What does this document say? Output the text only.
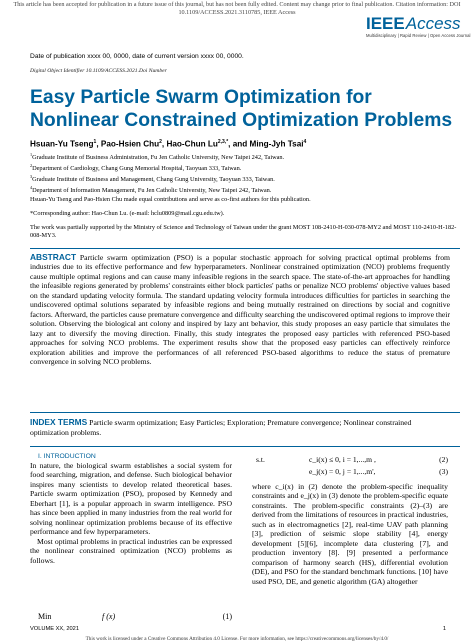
This article has been accepted for publication in a future issue of this journal, but has not been fully edited. Content may change prior to final publication. Citation information: DOI
10.1109/ACCESS.2021.3110785, IEEE Access
IEEEAccess
Multidisciplinary | Rapid Review | Open Access Journal
Date of publication xxxx 00, 0000, date of current version xxxx 00, 0000.
Digital Object Identifier 10.1109/ACCESS.2021.Doi Number
Easy Particle Swarm Optimization for Nonlinear Constrained Optimization Problems
Hsuan-Yu Tseng$^1$, Pao-Hsien Chu$^2$, Hao-Chun $Lu^{2,3,*}$, and Ming-Jyh Tsai$^4$
$^1$Graduate Institute of Business Administration, Fu Jen Catholic University, New Taipei 242, Taiwan.
$^2$Department of Cardiology, Chang Gung Memorial Hospital, Taoyuan 333, Taiwan.
$^3$Graduate Institute of Business and Management, Chang Gung University, Taoyuan 333, Taiwan.
$^4$Department of Information Management, Fu Jen Catholic University, New Taipei 242, Taiwan.

Hsuan-Yu Tseng and Pao-Hsien Chu made equal contributions and serve as co-first authors for this publication.

*Corresponding author: Hao-Chun Lu. (e-mail: hclu0809@mail.cgu.edu.tw).

The work was partially supported by the Ministry of Science and Technology of Taiwan under the grant MOST 108-2410-H-030-078-MY2 and MOST 110-2410-H-182-008-MY3.

ABSTRACT Particle swarm optimization (PSO) is a popular stochastic approach for solving practical optimal problems from industries due to its effective performance and few hyperparameters. Nonlinear constrained optimization (NCO) problems frequently cause multiple optimal regions and can cause many infeasible regions in the search space. The state-of-the-art approaches for handling the infeasible regions generated by problems' constraints either block particles' paths or penalize NCO problems' objective values based on the standard updating velocity formula. The standard updating velocity formula introduces difficulties for particles in searching the undiscovered optimal solutions separated by infeasible regions and being mutually restrained on directions by social and cognitive factors. Afterward, the particles cause premature convergence and difficulty searching the undiscovered optimal regions to improve their solution. Observing the biological ant colony and inspired by lazy ant behavior, this study proposes an easy particle that simulates the lazy ant to diversify the moving direction. Finally, this study integrates the proposed easy particles with referenced PSO-based approaches for solving NCO problems. The experiment results show that the proposed easy particles can effectively reinforce exploration abilities and improve the performances of all referenced PSO-based algorithms to reduce the status of premature convergence in solving NCO problems.

INDEX TERMS Particle swarm optimization; Easy Particles; Exploration; Premature convergence; Nonlinear constrained optimization problems.

I. INTRODUCTION

In nature, the biological swarm establishes a social system for food searching, migration, and defense. Such biological behavior inspires many scientists to develop related theoretical bases. Particle swarm optimization (PSO), proposed by Kennedy and Eberhart [1], is a popular approach in swarm intelligence. PSO has since been applied in many industries from the real world for solving nonlinear optimization problems because of its effective performance and few hyperparameters.

Most optimal problems in practical industries can be expressed the nonlinear constrained optimization (NCO) problems as follows.

Min	f (x)	(1)
s.t.	c_i(x) ≤ 0, i = 1,...,m ,	(2)
e_j(x) = 0, j = 1,...,m',	(3)

where c_i(x) in (2) denote the problem-specific inequality constraints and e_j(x) in (3) denote the problem-specific equate constraints. The problem-specific constraints (2)–(3) are derived from the limitations of resources in practical industries, such as in electromagnetics [2], real-time UAV path planning [3], prediction of seismic slope stability [4], energy development [5][6], incomplete data clustering [7], and production inventory [8]. [9] presented a performance comparison of harmony search (HS), differential evolution (DE), and PSO for the standard benchmark functions. [10] have used PSO, DE, and genetic algorithm (GA) altogether

VOLUME XX, 2021	1
This work is licensed under a Creative Commons Attribution 4.0 License. For more information, see https://creativecommons.org/licenses/by/4.0/
